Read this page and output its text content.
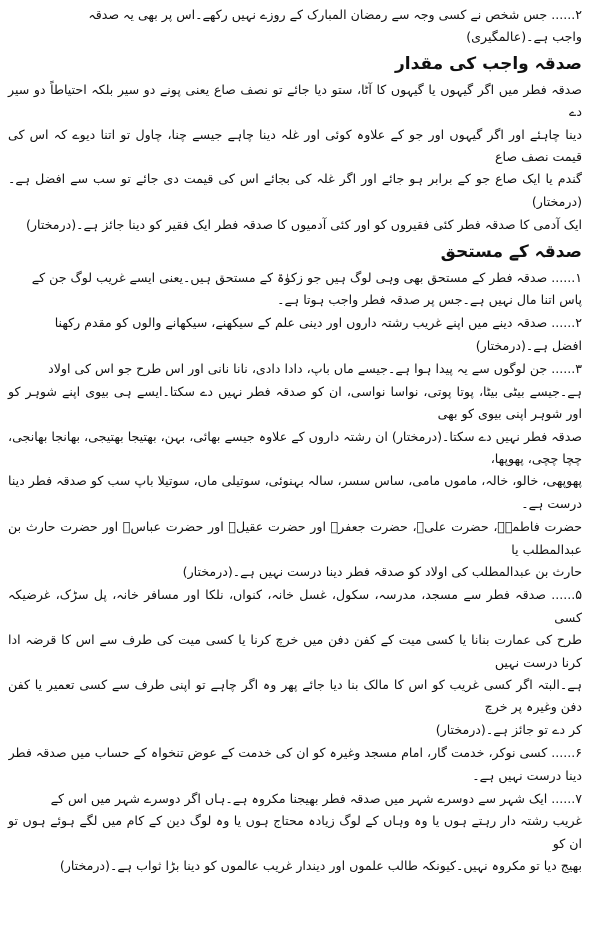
۲...... جس شخص نے کسی وجہ سے رمضان المبارک کے روزے نہیں رکھے۔اس پر بھی یہ صدقہ
واجب ہے۔(عالمگیری)
صدقہ واجب کی مقدار
صدقہ فطر میں اگر گیہوں یا گیہوں کا آٹا، ستو دیا جائے تو نصف صاع یعنی پونے دو سیر بلکہ احتیاطاً دو سیر دے
دینا چاہئے اور اگر گیہوں اور جو کے علاوہ کوئی اور غلہ دینا چاہے جیسے چنا، چاول تو اتنا دیوے کہ اس کی قیمت نصف صاع
گندم یا ایک صاع جو کے برابر ہو جائے اور اگر غلہ کی بجائے اس کی قیمت دی جائے تو سب سے افضل ہے۔(درمختار)
ایک آدمی کا صدقہ فطر کئی فقیروں کو اور کئی آدمیوں کا صدقہ فطر ایک فقیر کو دینا جائز ہے۔(درمختار)
صدقہ کے مستحق
۱...... صدقہ فطر کے مستحق بھی وہی لوگ ہیں جو زکوٰۃ کے مستحق ہیں۔یعنی ایسے غریب لوگ جن کے
پاس اتنا مال نہیں ہے۔جس پر صدقہ فطر واجب ہوتا ہے۔
۲...... صدقہ دینے میں اپنے غریب رشتہ داروں اور دینی علم کے سیکھنے، سیکھانے والوں کو مقدم رکھنا
افضل ہے۔(درمختار)
۳...... جن لوگوں سے یہ پیدا ہوا ہے۔جیسے ماں باپ، دادا دادی، نانا نانی اور اس طرح جو اس کی اولاد
ہے۔جیسے بیٹی بیٹا، پوتا پوتی، نواسا نواسی، ان کو صدقہ فطر نہیں دے سکتا۔ایسے ہی بیوی اپنے شوہر کو اور شوہر اپنی بیوی کو بھی
صدقہ فطر نہیں دے سکتا۔(درمختار) ان رشتہ داروں کے علاوہ جیسے بھائی، بہن، بھتیجا بھتیجی، بھانجا بھانجی، چچا چچی، پھوپھا،
پھوپھی، خالو، خالہ، ماموں مامی، ساس سسر، سالہ بہنوئی، سوتیلی ماں، سوتیلا باپ سب کو صدقہ فطر دینا درست ہے۔
حضرت فاطمہؓ، حضرت علیؓ، حضرت جعفرؓ اور حضرت عقیلؓ اور حضرت عباسؓ اور حضرت حارث بن عبدالمطلب یا
حارث بن عبدالمطلب کی اولاد کو صدقہ فطر دینا درست نہیں ہے۔(درمختار)
۵...... صدقہ فطر سے مسجد، مدرسہ، سکول، غسل خانہ، کنواں، نلکا اور مسافر خانہ، پل سڑک، غرضیکہ کسی
طرح کی عمارت بنانا یا کسی میت کے کفن دفن میں خرچ کرنا یا کسی میت کی طرف سے اس کا قرضہ ادا کرنا درست نہیں
ہے۔البتہ اگر کسی غریب کو اس کا مالک بنا دیا جائے پھر وہ اگر چاہے تو اپنی طرف سے کسی تعمیر یا کفن دفن وغیرہ پر خرچ
کر دے تو جائز ہے۔(درمختار)
۶...... کسی نوکر، خدمت گار، امام مسجد وغیرہ کو ان کی خدمت کے عوض تنخواہ کے حساب میں صدقہ فطر
دینا درست نہیں ہے۔
۷...... ایک شہر سے دوسرے شہر میں صدقہ فطر بھیجنا مکروہ ہے۔ہاں اگر دوسرے شہر میں اس کے
غریب رشتہ دار رہتے ہوں یا وہ وہاں کے لوگ زیادہ محتاج ہوں یا وہ لوگ دین کے کام میں لگے ہوئے ہوں تو ان کو
بھیج دیا تو مکروہ نہیں۔کیونکہ طالب علموں اور دیندار غریب عالموں کو دینا بڑا ثواب ہے۔(درمختار)
